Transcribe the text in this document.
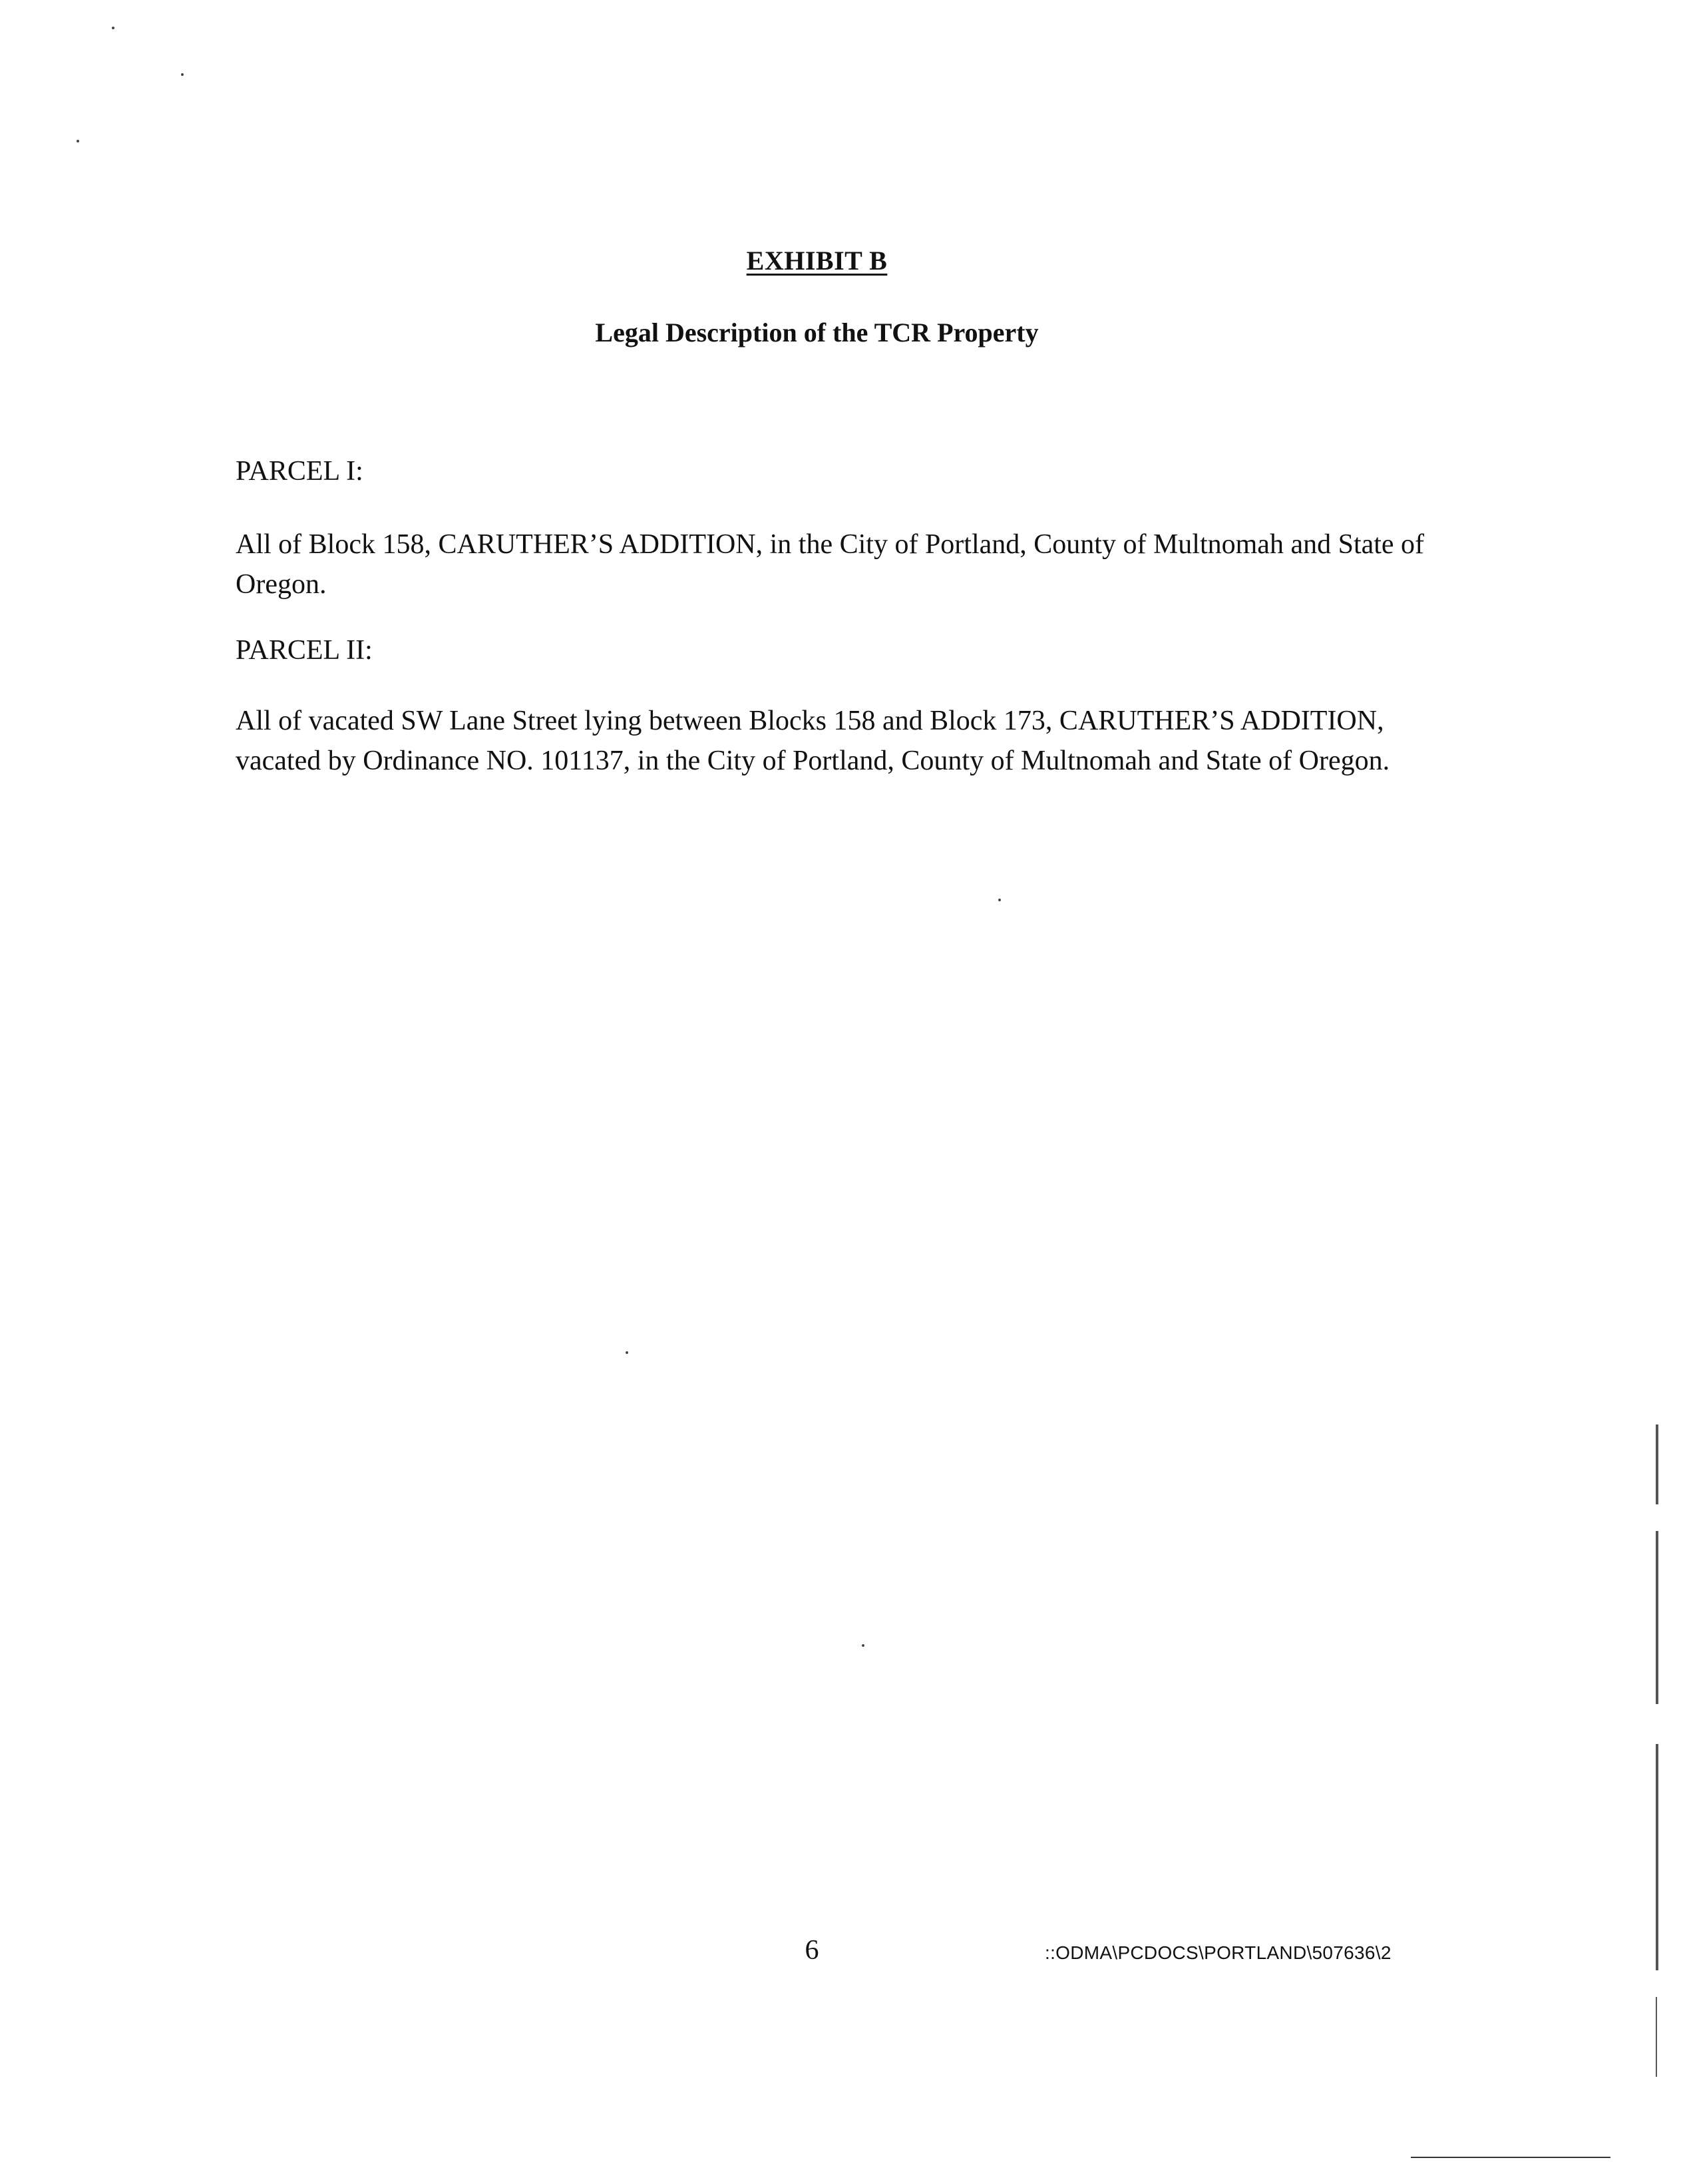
EXHIBIT B
Legal Description of the TCR Property

PARCEL I:

All of Block 158, CARUTHER’S ADDITION, in the City of Portland, County of Multnomah and State of Oregon.

PARCEL II:

All of vacated SW Lane Street lying between Blocks 158 and Block 173, CARUTHER’S ADDITION, vacated by Ordinance NO. 101137, in the City of Portland, County of Multnomah and State of Oregon.

6	::ODMA\PCDOCS\PORTLAND\507636\2
